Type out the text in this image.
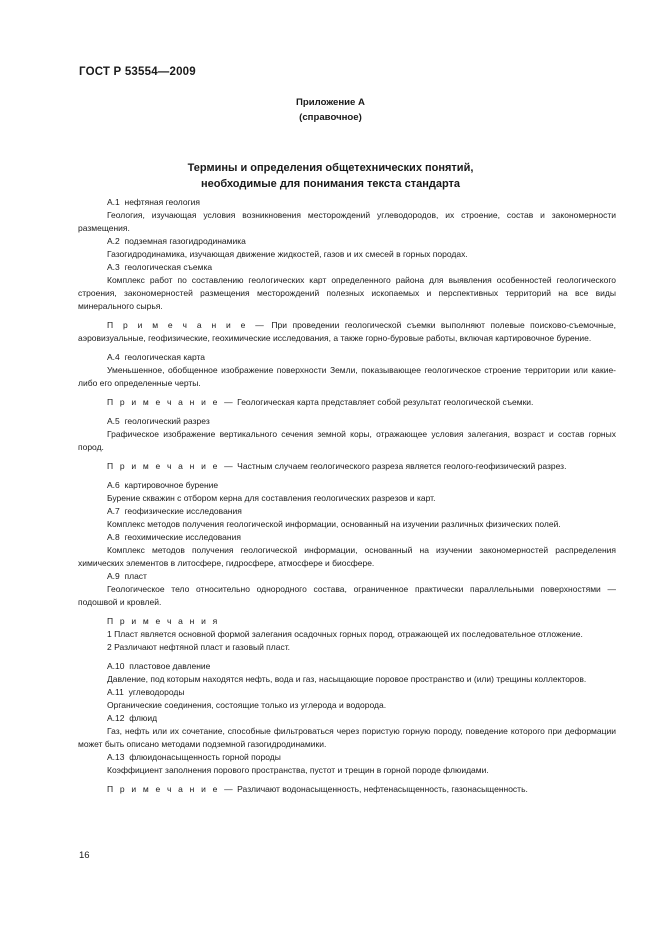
ГОСТ Р 53554—2009
Приложение А
(справочное)
Термины и определения общетехнических понятий,
необходимые для понимания текста стандарта

А.1 нефтяная геология

Геология, изучающая условия возникновения месторождений углеводородов, их строение, состав и закономерности размещения.

А.2 подземная газогидродинамика

Газогидродинамика, изучающая движение жидкостей, газов и их смесей в горных породах.

А.3 геологическая съемка

Комплекс работ по составлению геологических карт определенного района для выявления особенностей геологического строения, закономерностей размещения месторождений полезных ископаемых и перспективных территорий на все виды минерального сырья.

П р и м е ч а н и е — При проведении геологической съемки выполняют полевые поисково-съемочные, аэровизуальные, геофизические, геохимические исследования, а также горно-буровые работы, включая картировочное бурение.

А.4 геологическая карта

Уменьшенное, обобщенное изображение поверхности Земли, показывающее геологическое строение территории или какие-либо его определенные черты.

П р и м е ч а н и е — Геологическая карта представляет собой результат геологической съемки.

А.5 геологический разрез

Графическое изображение вертикального сечения земной коры, отражающее условия залегания, возраст и состав горных пород.

П р и м е ч а н и е — Частным случаем геологического разреза является геолого-геофизический разрез.

А.6 картировочное бурение

Бурение скважин с отбором керна для составления геологических разрезов и карт.

А.7 геофизические исследования

Комплекс методов получения геологической информации, основанный на изучении различных физических полей.

А.8 геохимические исследования

Комплекс методов получения геологической информации, основанный на изучении закономерностей распределения химических элементов в литосфере, гидросфере, атмосфере и биосфере.

А.9 пласт

Геологическое тело относительно однородного состава, ограниченное практически параллельными поверхностями — подошвой и кровлей.

П р и м е ч а н и я

1 Пласт является основной формой залегания осадочных горных пород, отражающей их последовательное отложение.

2 Различают нефтяной пласт и газовый пласт.

А.10 пластовое давление

Давление, под которым находятся нефть, вода и газ, насыщающие поровое пространство и (или) трещины коллекторов.

А.11 углеводороды

Органические соединения, состоящие только из углерода и водорода.

А.12 флюид

Газ, нефть или их сочетание, способные фильтроваться через пористую горную породу, поведение которого при деформации может быть описано методами подземной газогидродинамики.

А.13 флюидонасыщенность горной породы

Коэффициент заполнения порового пространства, пустот и трещин в горной породе флюидами.

П р и м е ч а н и е — Различают водонасыщенность, нефтенасыщенность, газонасыщенность.

16
